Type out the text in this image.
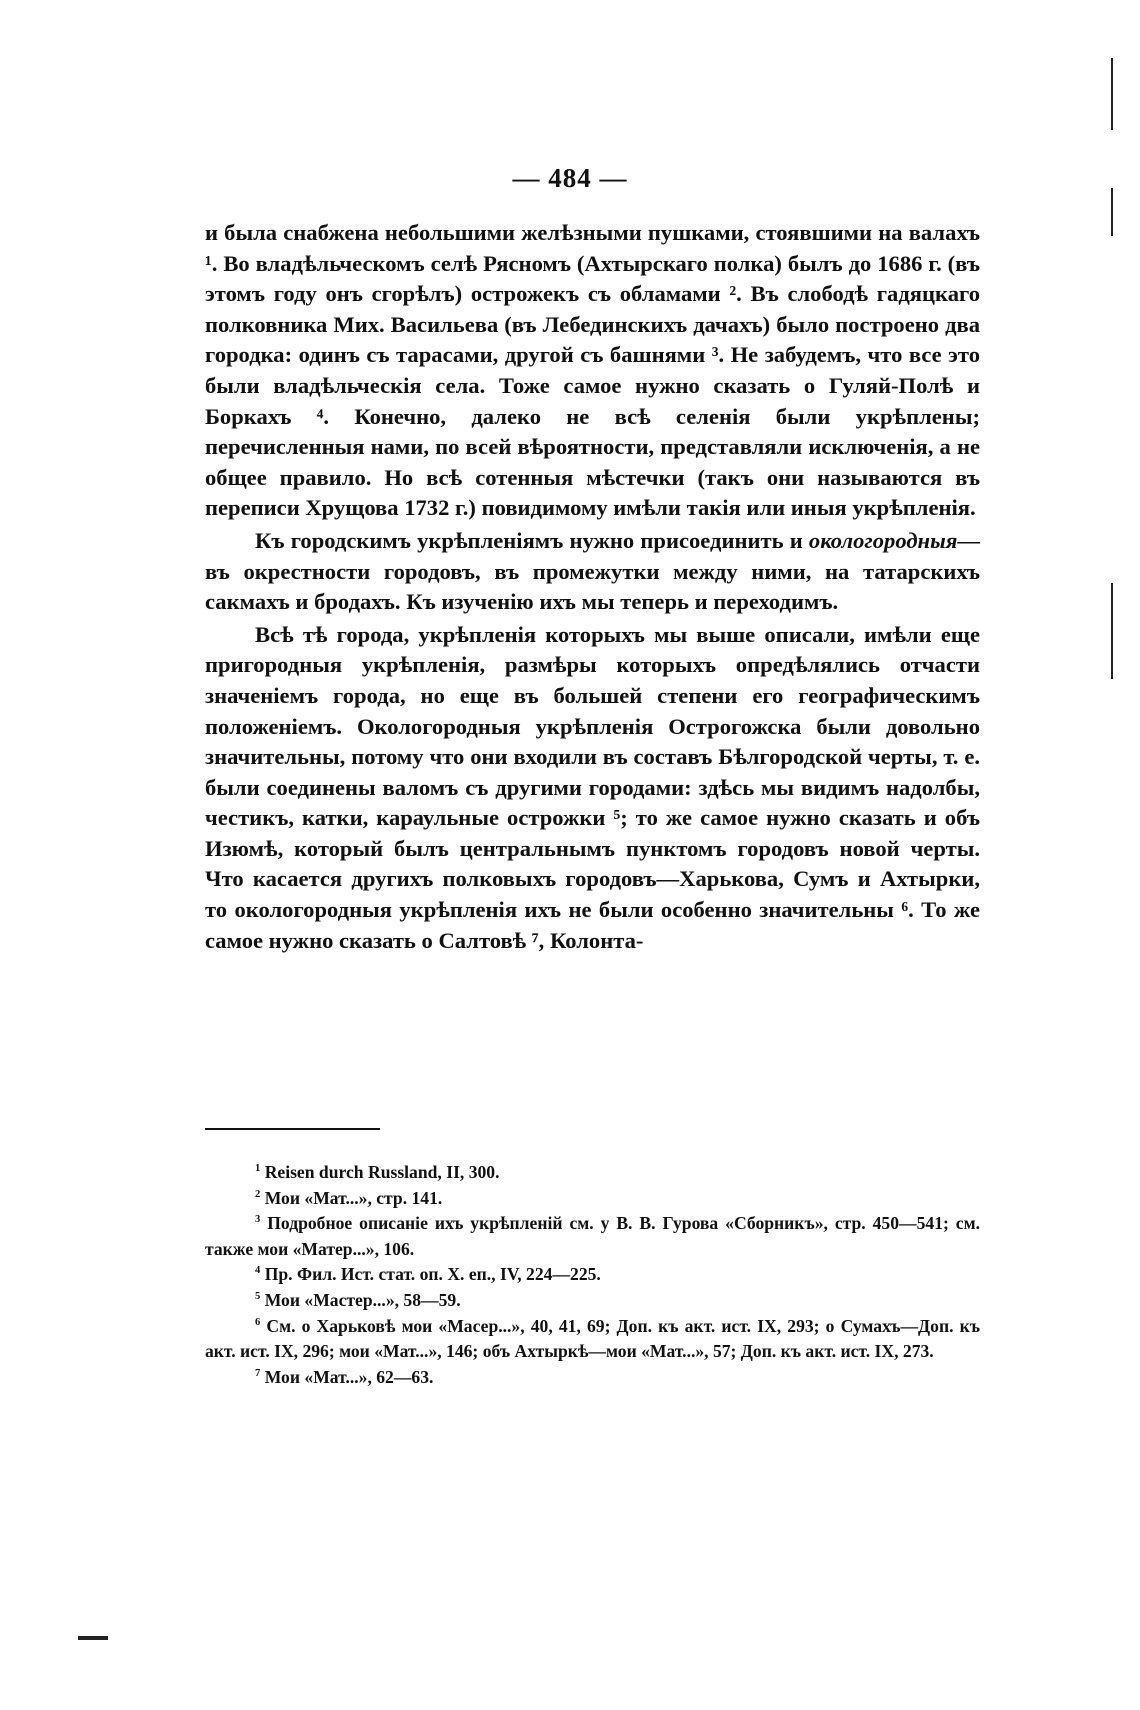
— 484 —

и была снабжена небольшими желѣзными пушками, стоявшими на валахъ ¹. Во владѣльческомъ селѣ Рясномъ (Ахтырскаго полка) былъ до 1686 г. (въ этомъ году онъ сгорѣлъ) острожекъ съ обламами ². Въ слободѣ гадяцкаго полковника Мих. Васильева (въ Лебединскихъ дачахъ) было построено два городка: одинъ съ тарасами, другой съ башнями ³. Не забудемъ, что все это были владѣльческія села. Тоже самое нужно сказать о Гуляй-Полѣ и Боркахъ ⁴. Конечно, далеко не всѣ селенія были укрѣплены; перечисленныя нами, по всей вѣроятности, представляли исключенія, а не общее правило. Но всѣ сотенныя мѣстечки (такъ они называются въ переписи Хрущова 1732 г.) повидимому имѣли такія или иныя укрѣпленія.

Къ городскимъ укрѣпленіямъ нужно присоединить и окологородныя—въ окрестности городовъ, въ промежутки между ними, на татарскихъ сакмахъ и бродахъ. Къ изученію ихъ мы теперь и переходимъ.

Всѣ тѣ города, укрѣпленія которыхъ мы выше описали, имѣли еще пригородныя укрѣпленія, размѣры которыхъ опредѣлялись отчасти значеніемъ города, но еще въ большей степени его географическимъ положеніемъ. Окологородныя укрѣпленія Острогожска были довольно значительны, потому что они входили въ составъ Бѣлгородской черты, т. е. были соединены валомъ съ другими городами: здѣсь мы видимъ надолбы, честикъ, катки, караульные острожки ⁵; то же самое нужно сказать и объ Изюмѣ, который былъ центральнымъ пунктомъ городовъ новой черты. Что касается другихъ полковыхъ городовъ—Харькова, Сумъ и Ахтырки, то окологородныя укрѣпленія ихъ не были особенно значительны ⁶. То же самое нужно сказать о Салтовѣ ⁷, Колонта-

$^1$ Reisen durch Russland, II, 300.

$^2$ Мои «Мат...», стр. 141.

$^3$ Подробное описаніе ихъ укрѣпленій см. у В. В. Гурова «Сборникъ», стр. 450—541; см. также мои «Матер...», 106.

$^4$ Пр. Фил. Ист. стат. оп. X. еп., IV, 224—225.

$^5$ Мои «Мастер...», 58—59.

$^6$ См. о Харьковѣ мои «Масер...», 40, 41, 69; Доп. къ акт. ист. IX, 293; о Сумахъ—Доп. къ акт. ист. IX, 296; мои «Мат...», 146; объ Ахтыркѣ—мои «Мат...», 57; Доп. къ акт. ист. IX, 273.

$^7$ Мои «Мат...», 62—63.
